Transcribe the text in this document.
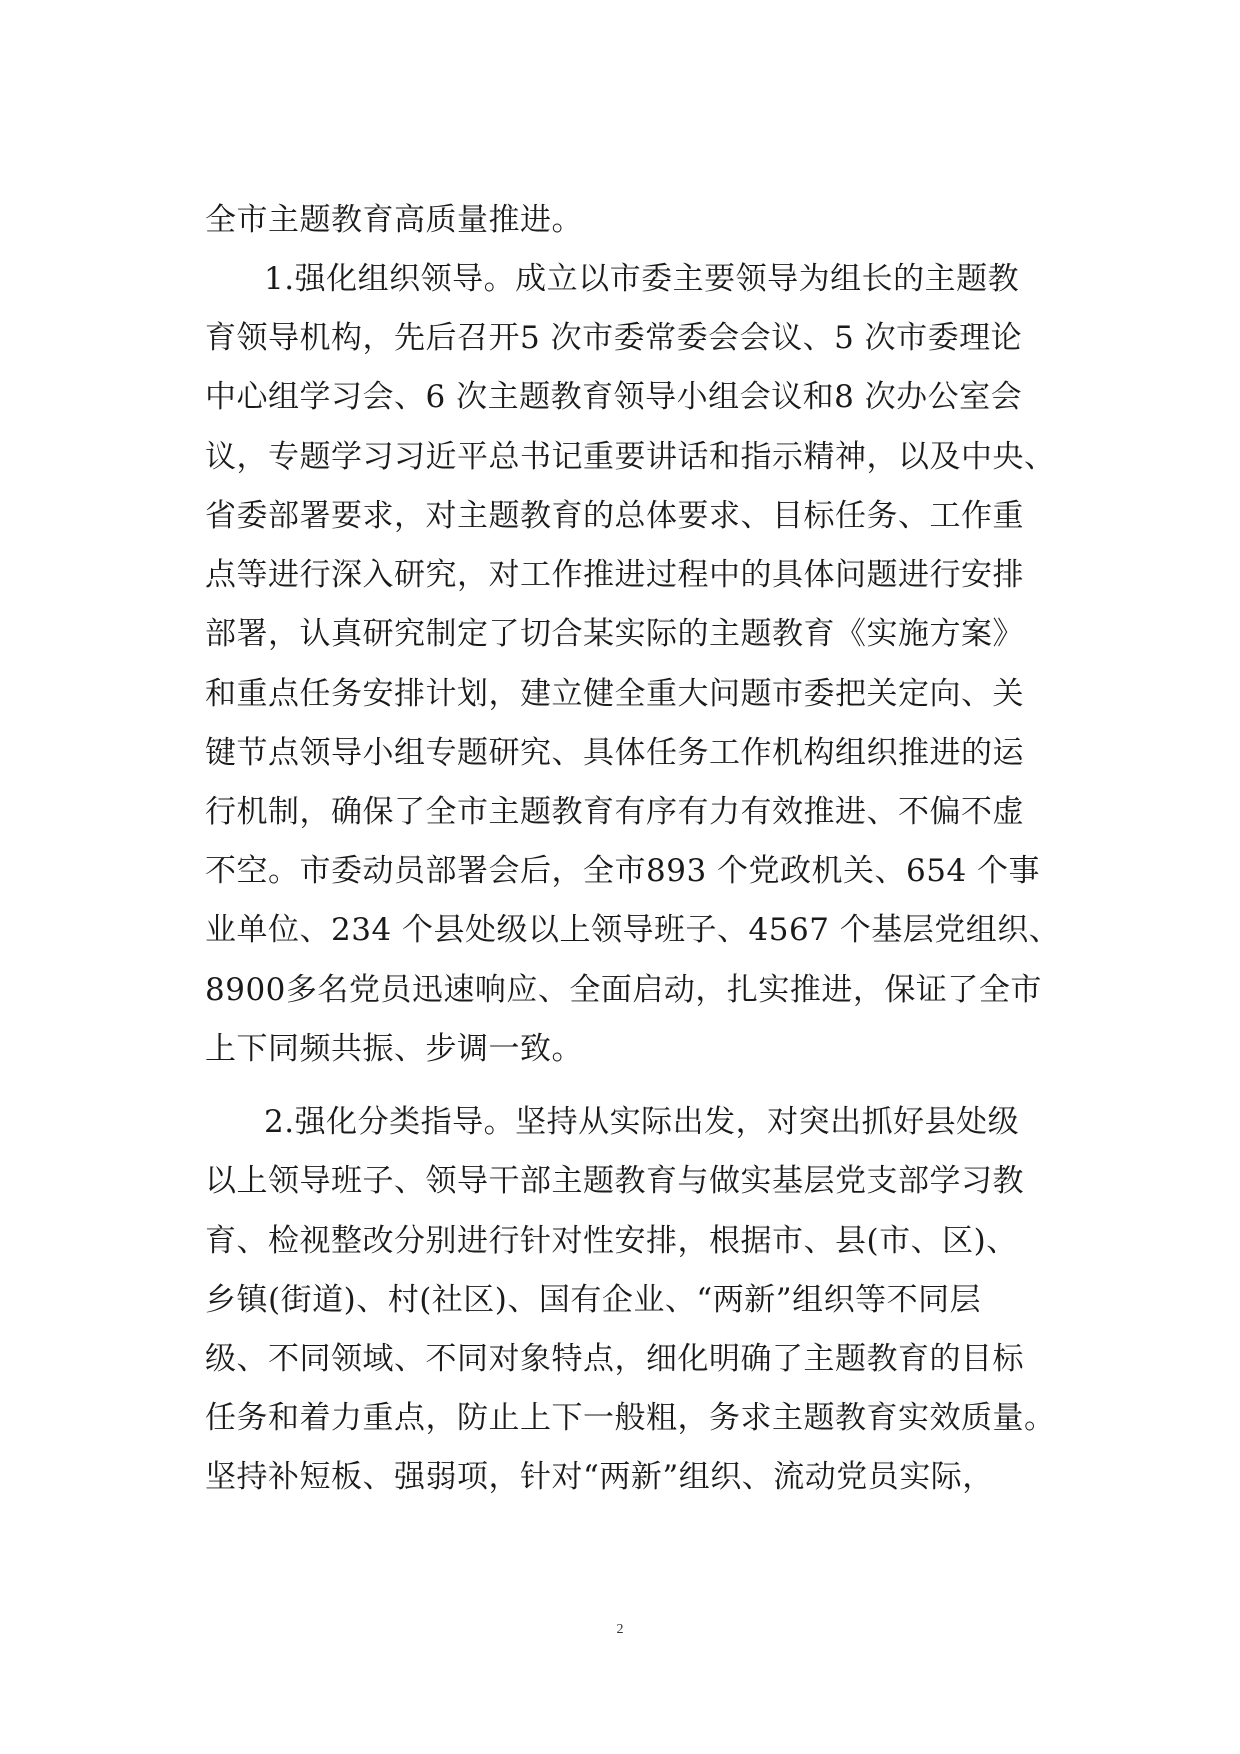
全市主题教育高质量推进。
1.强化组织领导。成立以市委主要领导为组长的主题教
育领导机构，先后召开5 次市委常委会会议、5 次市委理论
中心组学习会、6 次主题教育领导小组会议和8 次办公室会
议，专题学习习近平总书记重要讲话和指示精神，以及中央、
省委部署要求，对主题教育的总体要求、目标任务、工作重
点等进行深入研究，对工作推进过程中的具体问题进行安排
部署，认真研究制定了切合某实际的主题教育《实施方案》
和重点任务安排计划，建立健全重大问题市委把关定向、关
键节点领导小组专题研究、具体任务工作机构组织推进的运
行机制，确保了全市主题教育有序有力有效推进、不偏不虚
不空。市委动员部署会后，全市893 个党政机关、654 个事
业单位、234 个县处级以上领导班子、4567 个基层党组织、
8900多名党员迅速响应、全面启动，扎实推进，保证了全市
上下同频共振、步调一致。
2.强化分类指导。坚持从实际出发，对突出抓好县处级
以上领导班子、领导干部主题教育与做实基层党支部学习教
育、检视整改分别进行针对性安排，根据市、县(市、区)、
乡镇(街道)、村(社区)、国有企业、“两新”组织等不同层
级、不同领域、不同对象特点，细化明确了主题教育的目标
任务和着力重点，防止上下一般粗，务求主题教育实效质量。
坚持补短板、强弱项，针对“两新”组织、流动党员实际，
2
